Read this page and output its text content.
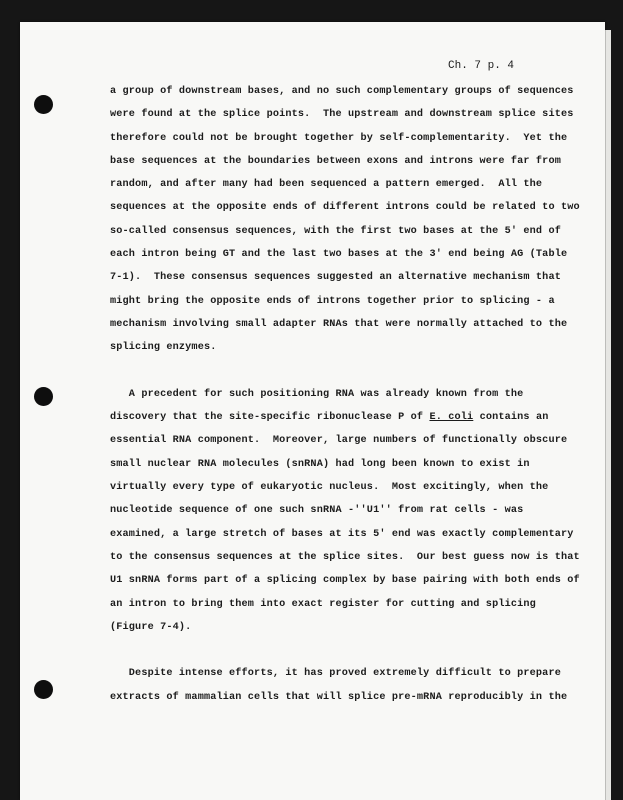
Ch. 7 p. 4
a group of downstream bases, and no such complementary groups of sequences
were found at the splice points.  The upstream and downstream splice sites
therefore could not be brought together by self-complementarity.  Yet the
base sequences at the boundaries between exons and introns were far from
random, and after many had been sequenced a pattern emerged.  All the
sequences at the opposite ends of different introns could be related to two
so-called consensus sequences, with the first two bases at the 5' end of
each intron being GT and the last two bases at the 3' end being AG (Table
7-1).  These consensus sequences suggested an alternative mechanism that
might bring the opposite ends of introns together prior to splicing - a
mechanism involving small adapter RNAs that were normally attached to the
splicing enzymes.
A precedent for such positioning RNA was already known from the
discovery that the site-specific ribonuclease P of E. coli contains an
essential RNA component.  Moreover, large numbers of functionally obscure
small nuclear RNA molecules (snRNA) had long been known to exist in
virtually every type of eukaryotic nucleus.  Most excitingly, when the
nucleotide sequence of one such snRNA -''U1'' from rat cells - was
examined, a large stretch of bases at its 5' end was exactly complementary
to the consensus sequences at the splice sites.  Our best guess now is that
U1 snRNA forms part of a splicing complex by base pairing with both ends of
an intron to bring them into exact register for cutting and splicing
(Figure 7-4).
Despite intense efforts, it has proved extremely difficult to prepare
extracts of mammalian cells that will splice pre-mRNA reproducibly in the
